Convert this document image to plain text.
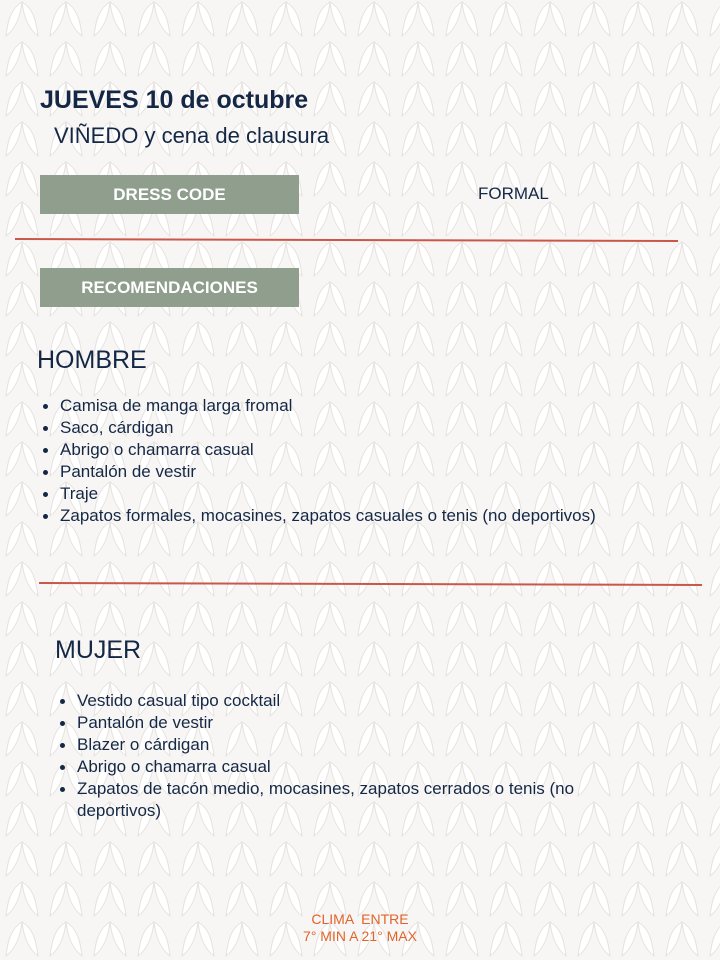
JUEVES 10 de octubre
VIÑEDO y cena de clausura
DRESS CODE	FORMAL
RECOMENDACIONES
HOMBRE
Camisa de manga larga fromal
Saco, cárdigan
Abrigo o chamarra casual
Pantalón de vestir
Traje
Zapatos formales, mocasines, zapatos casuales o tenis (no deportivos)
MUJER
Vestido casual tipo cocktail
Pantalón de vestir
Blazer o cárdigan
Abrigo o chamarra casual
Zapatos de tacón medio, mocasines, zapatos cerrados o tenis (no deportivos)
CLIMA  ENTRE
7° MIN A 21° MAX
